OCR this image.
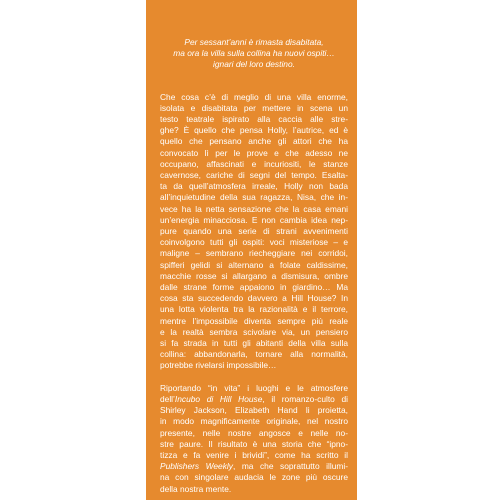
Per sessant’anni è rimasta disabitata,
ma ora la villa sulla collina ha nuovi ospiti…
ignari del loro destino.
Che cosa c’è di meglio di una villa enorme,
isolata e disabitata per mettere in scena un
testo teatrale ispirato alla caccia alle stre-
ghe? È quello che pensa Holly, l’autrice, ed è
quello che pensano anche gli attori che ha
convocato lì per le prove e che adesso ne
occupano, affascinati e incuriositi, le stanze
cavernose, cariche di segni del tempo. Esalta-
ta da quell’atmosfera irreale, Holly non bada
all’inquietudine della sua ragazza, Nisa, che in-
vece ha la netta sensazione che la casa emani
un’energia minacciosa. E non cambia idea nep-
pure quando una serie di strani avvenimenti
coinvolgono tutti gli ospiti: voci misteriose – e
maligne – sembrano riecheggiare nei corridoi,
spifferi gelidi si alternano a folate caldissime,
macchie rosse si allargano a dismisura, ombre
dalle strane forme appaiono in giardino… Ma
cosa sta succedendo davvero a Hill House? In
una lotta violenta tra la razionalità e il terrore,
mentre l’impossibile diventa sempre più reale
e la realtà sembra scivolare via, un pensiero
si fa strada in tutti gli abitanti della villa sulla
collina: abbandonarla, tornare alla normalità,
potrebbe rivelarsi impossibile…
Riportando “in vita” i luoghi e le atmosfere
dell’Incubo di Hill House, il romanzo-culto di
Shirley Jackson, Elizabeth Hand li proietta,
in modo magnificamente originale, nel nostro
presente, nelle nostre angosce e nelle no-
stre paure. Il risultato è una storia che “ipno-
tizza e fa venire i brividi”, come ha scritto il
Publishers Weekly, ma che soprattutto illumi-
na con singolare audacia le zone più oscure
della nostra mente.
